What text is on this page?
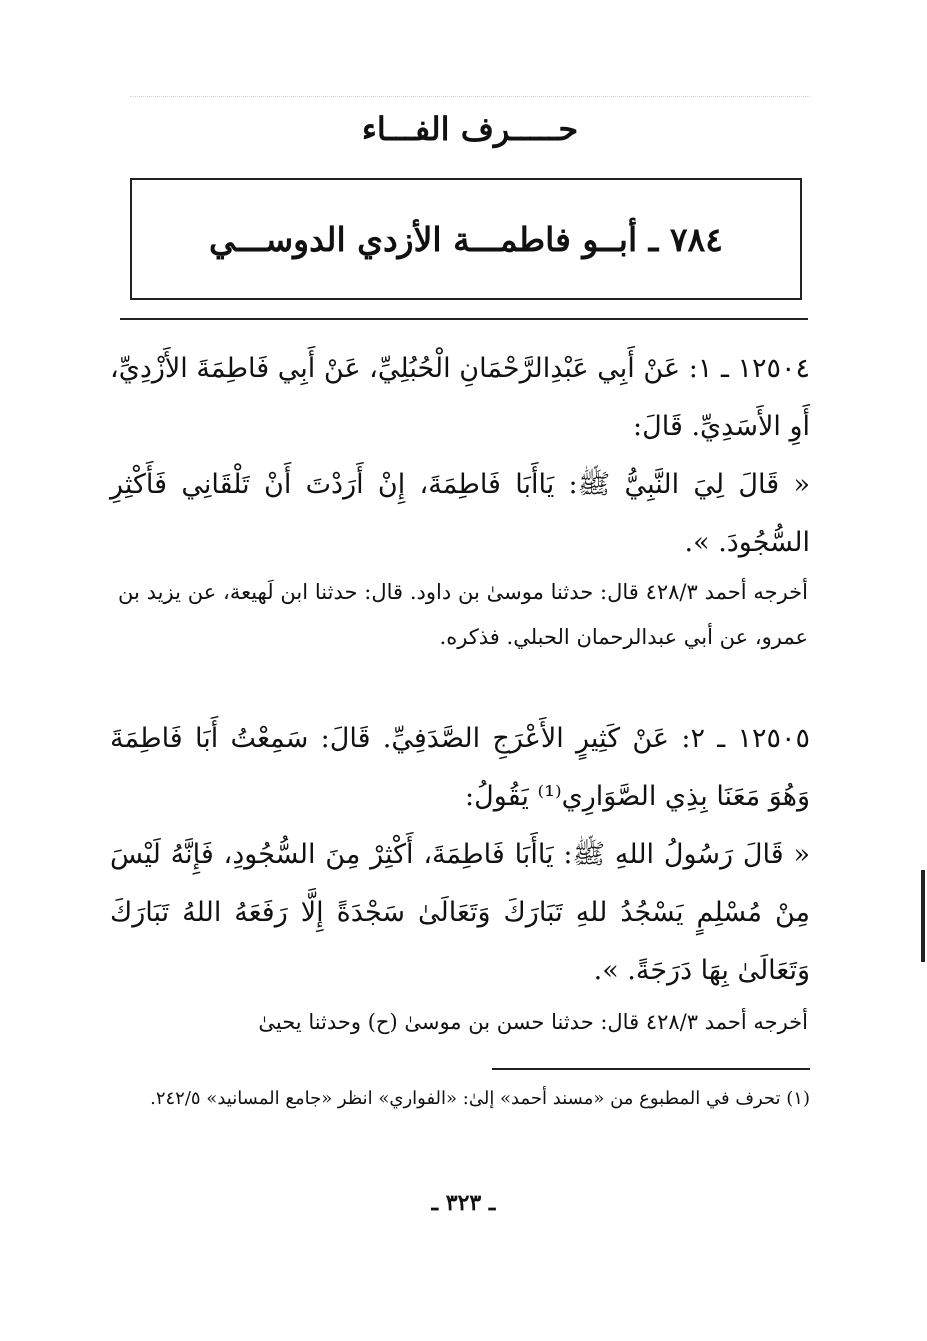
حـــــرف الفـــاء
٧٨٤ ـ أبــو فاطمـــة الأزدي الدوســـي

١٢٥٠٤ ـ ١: عَنْ أَبِي عَبْدِالرَّحْمَانِ الْحُبُلِيِّ، عَنْ أَبِي فَاطِمَةَ الأَزْدِيِّ، أَوِ الأَسَدِيِّ. قَالَ:

« قَالَ لِيَ النَّبِيُّ ﷺ: يَاأَبَا فَاطِمَةَ، إِنْ أَرَدْتَ أَنْ تَلْقَانِي فَأَكْثِرِ السُّجُودَ. ».

أخرجه أحمد ٤٢٨/٣ قال: حدثنا موسىٰ بن داود. قال: حدثنا ابن لَهيعة، عن يزيد بن عمرو، عن أبي عبدالرحمان الحبلي. فذكره.

١٢٥٠٥ ـ ٢: عَنْ كَثِيرٍ الأَعْرَجِ الصَّدَفِيِّ. قَالَ: سَمِعْتُ أَبَا فَاطِمَةَ وَهُوَ مَعَنَا بِذِي الصَّوَارِي⁽¹⁾ يَقُولُ:

« قَالَ رَسُولُ اللهِ ﷺ: يَاأَبَا فَاطِمَةَ، أَكْثِرْ مِنَ السُّجُودِ، فَإِنَّهُ لَيْسَ مِنْ مُسْلِمٍ يَسْجُدُ للهِ تَبَارَكَ وَتَعَالَىٰ سَجْدَةً إِلَّا رَفَعَهُ اللهُ تَبَارَكَ وَتَعَالَىٰ بِهَا دَرَجَةً. ».

أخرجه أحمد ٤٢٨/٣ قال: حدثنا حسن بن موسىٰ (ح) وحدثنا يحيىٰ
(١) تحرف في المطبوع من «مسند أحمد» إلىٰ: «الفواري» انظر «جامع المسانيد» ٢٤٢/٥.
ـ ٣٢٣ ـ
